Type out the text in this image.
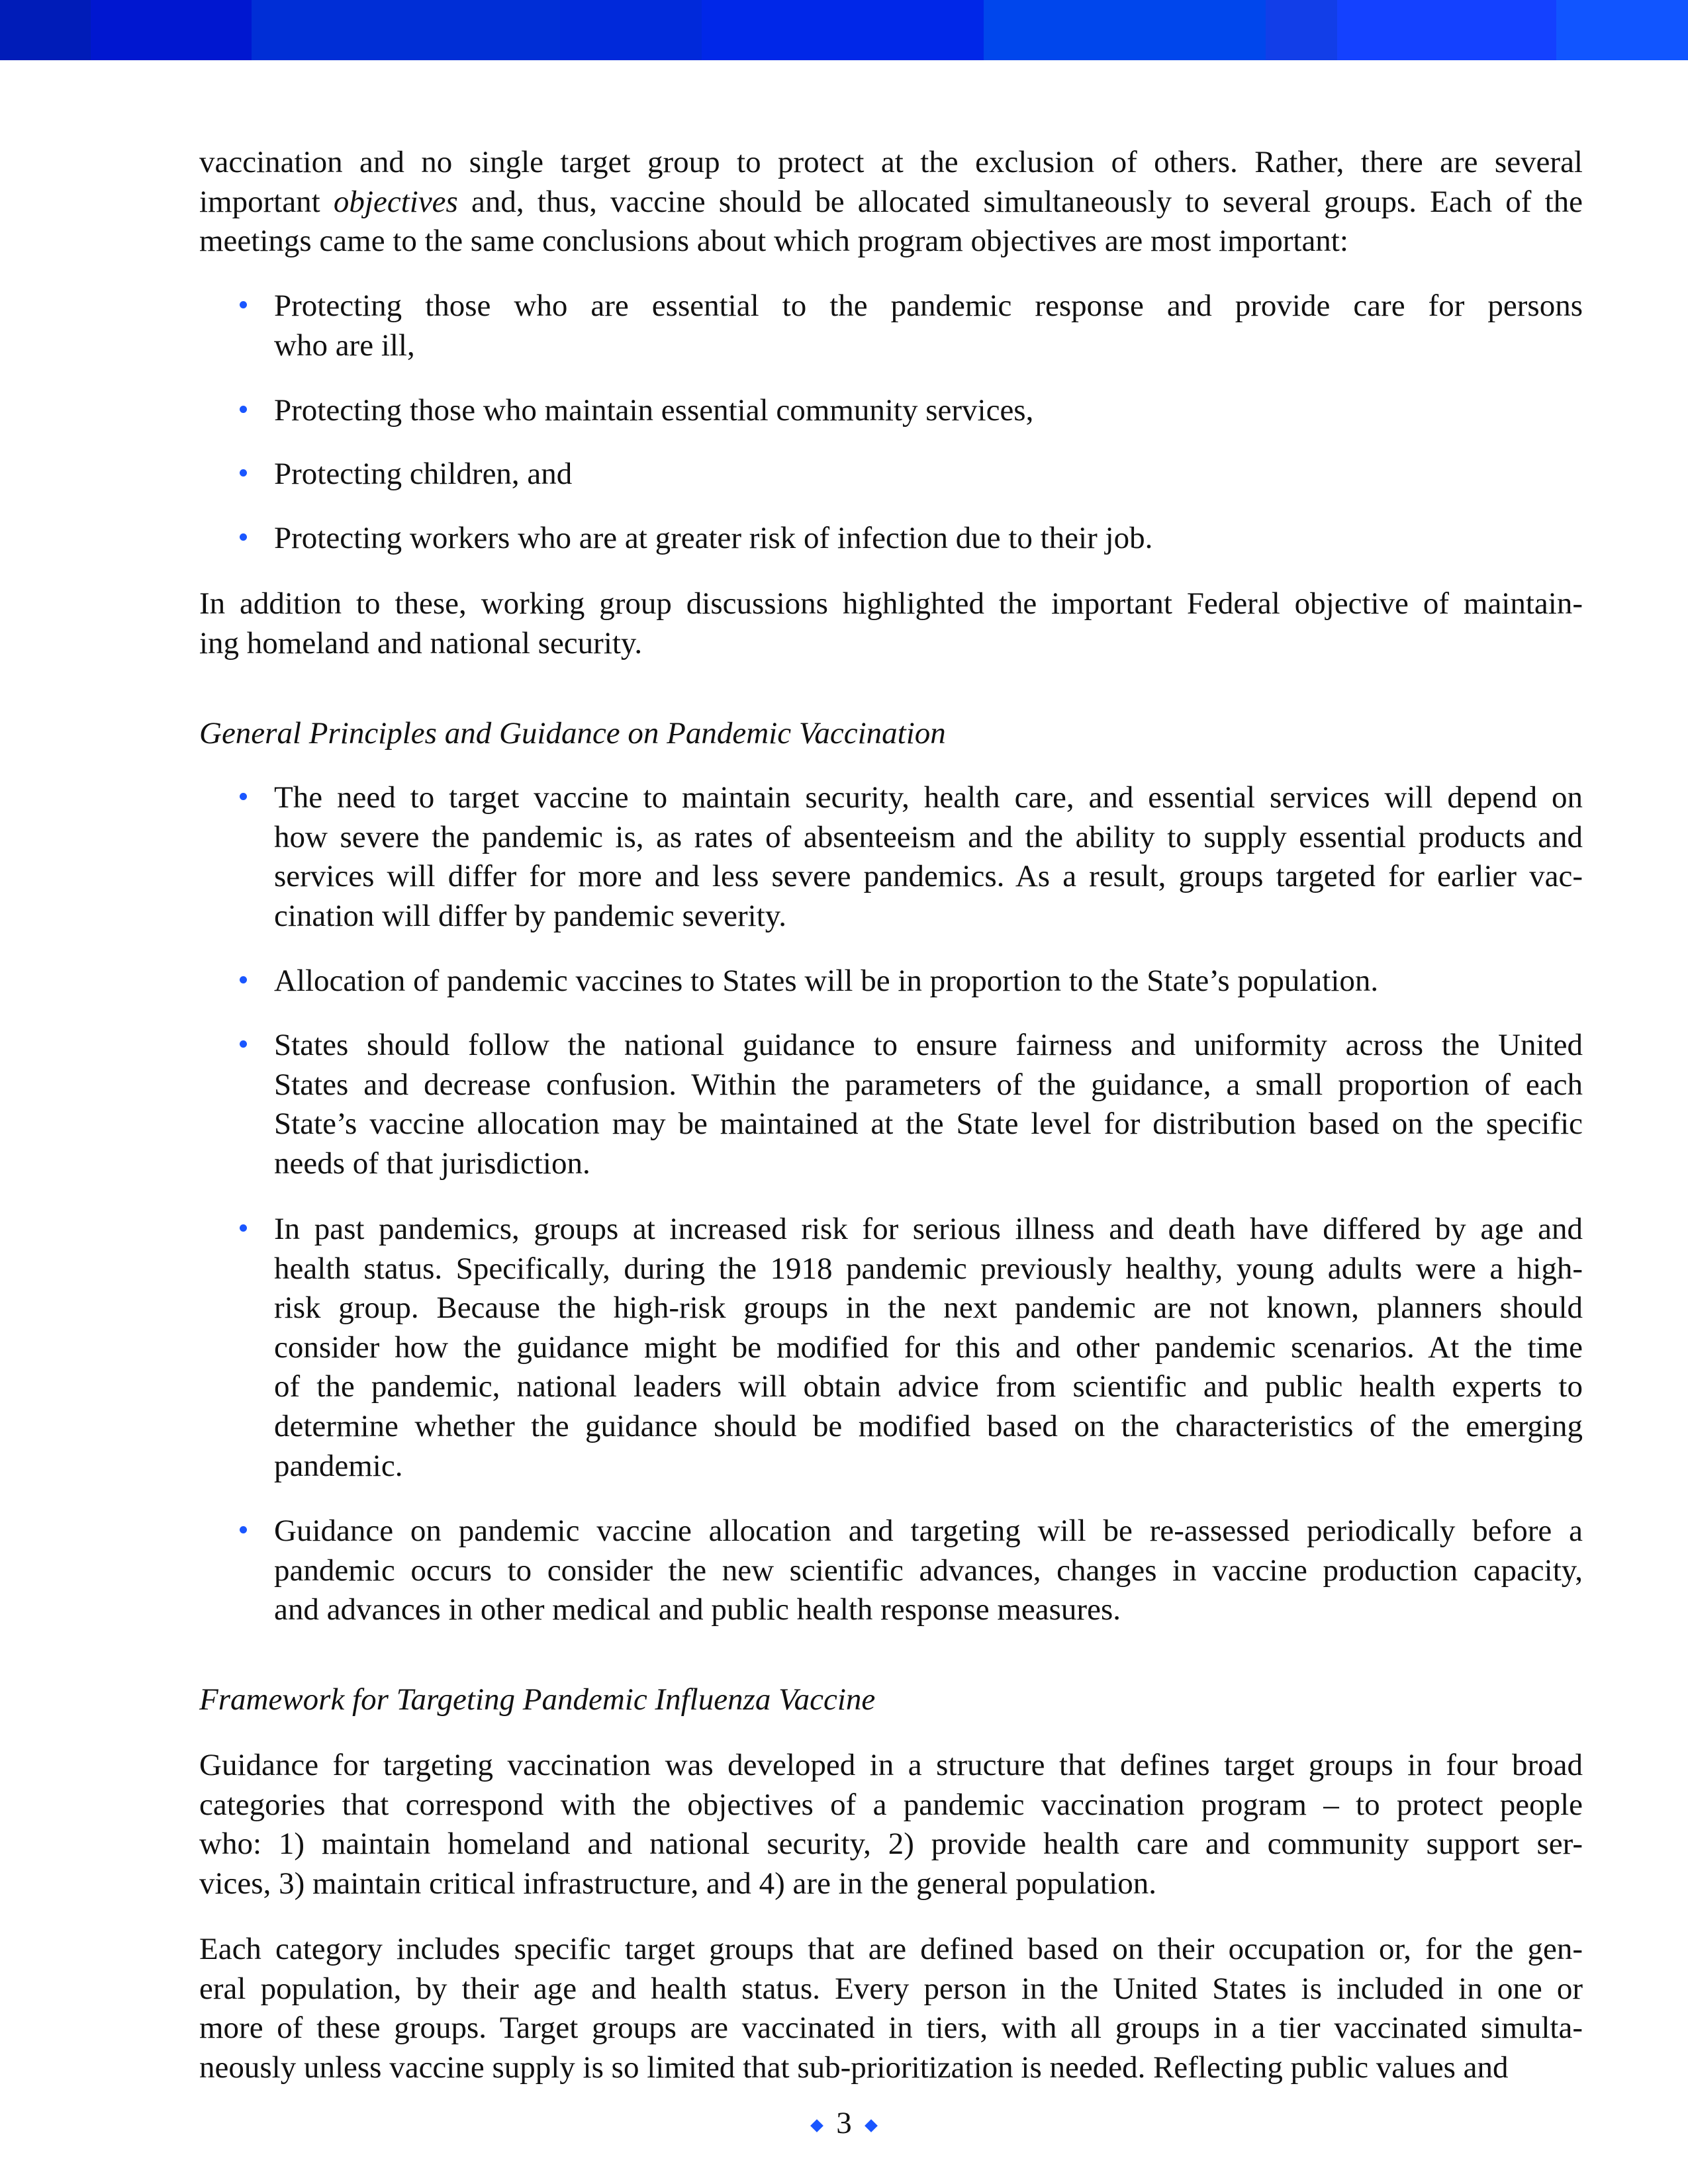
vaccination and no single target group to protect at the exclusion of others. Rather, there are several
important objectives and, thus, vaccine should be allocated simultaneously to several groups. Each of the
meetings came to the same conclusions about which program objectives are most important:
Protecting those who are essential to the pandemic response and provide care for persons
who are ill,
Protecting those who maintain essential community services,
Protecting children, and
Protecting workers who are at greater risk of infection due to their job.
In addition to these, working group discussions highlighted the important Federal objective of maintain-
ing homeland and national security.
General Principles and Guidance on Pandemic Vaccination
The need to target vaccine to maintain security, health care, and essential services will depend on
how severe the pandemic is, as rates of absenteeism and the ability to supply essential products and
services will differ for more and less severe pandemics. As a result, groups targeted for earlier vac-
cination will differ by pandemic severity.
Allocation of pandemic vaccines to States will be in proportion to the State’s population.
States should follow the national guidance to ensure fairness and uniformity across the United
States and decrease confusion. Within the parameters of the guidance, a small proportion of each
State’s vaccine allocation may be maintained at the State level for distribution based on the specific
needs of that jurisdiction.
In past pandemics, groups at increased risk for serious illness and death have differed by age and
health status. Specifically, during the 1918 pandemic previously healthy, young adults were a high-
risk group. Because the high-risk groups in the next pandemic are not known, planners should
consider how the guidance might be modified for this and other pandemic scenarios. At the time
of the pandemic, national leaders will obtain advice from scientific and public health experts to
determine whether the guidance should be modified based on the characteristics of the emerging
pandemic.
Guidance on pandemic vaccine allocation and targeting will be re-assessed periodically before a
pandemic occurs to consider the new scientific advances, changes in vaccine production capacity,
and advances in other medical and public health response measures.
Framework for Targeting Pandemic Influenza Vaccine
Guidance for targeting vaccination was developed in a structure that defines target groups in four broad
categories that correspond with the objectives of a pandemic vaccination program – to protect people
who: 1) maintain homeland and national security, 2) provide health care and community support ser-
vices, 3) maintain critical infrastructure, and 4) are in the general population.
Each category includes specific target groups that are defined based on their occupation or, for the gen-
eral population, by their age and health status. Every person in the United States is included in one or
more of these groups. Target groups are vaccinated in tiers, with all groups in a tier vaccinated simulta-
neously unless vaccine supply is so limited that sub-prioritization is needed. Reflecting public values and
3
